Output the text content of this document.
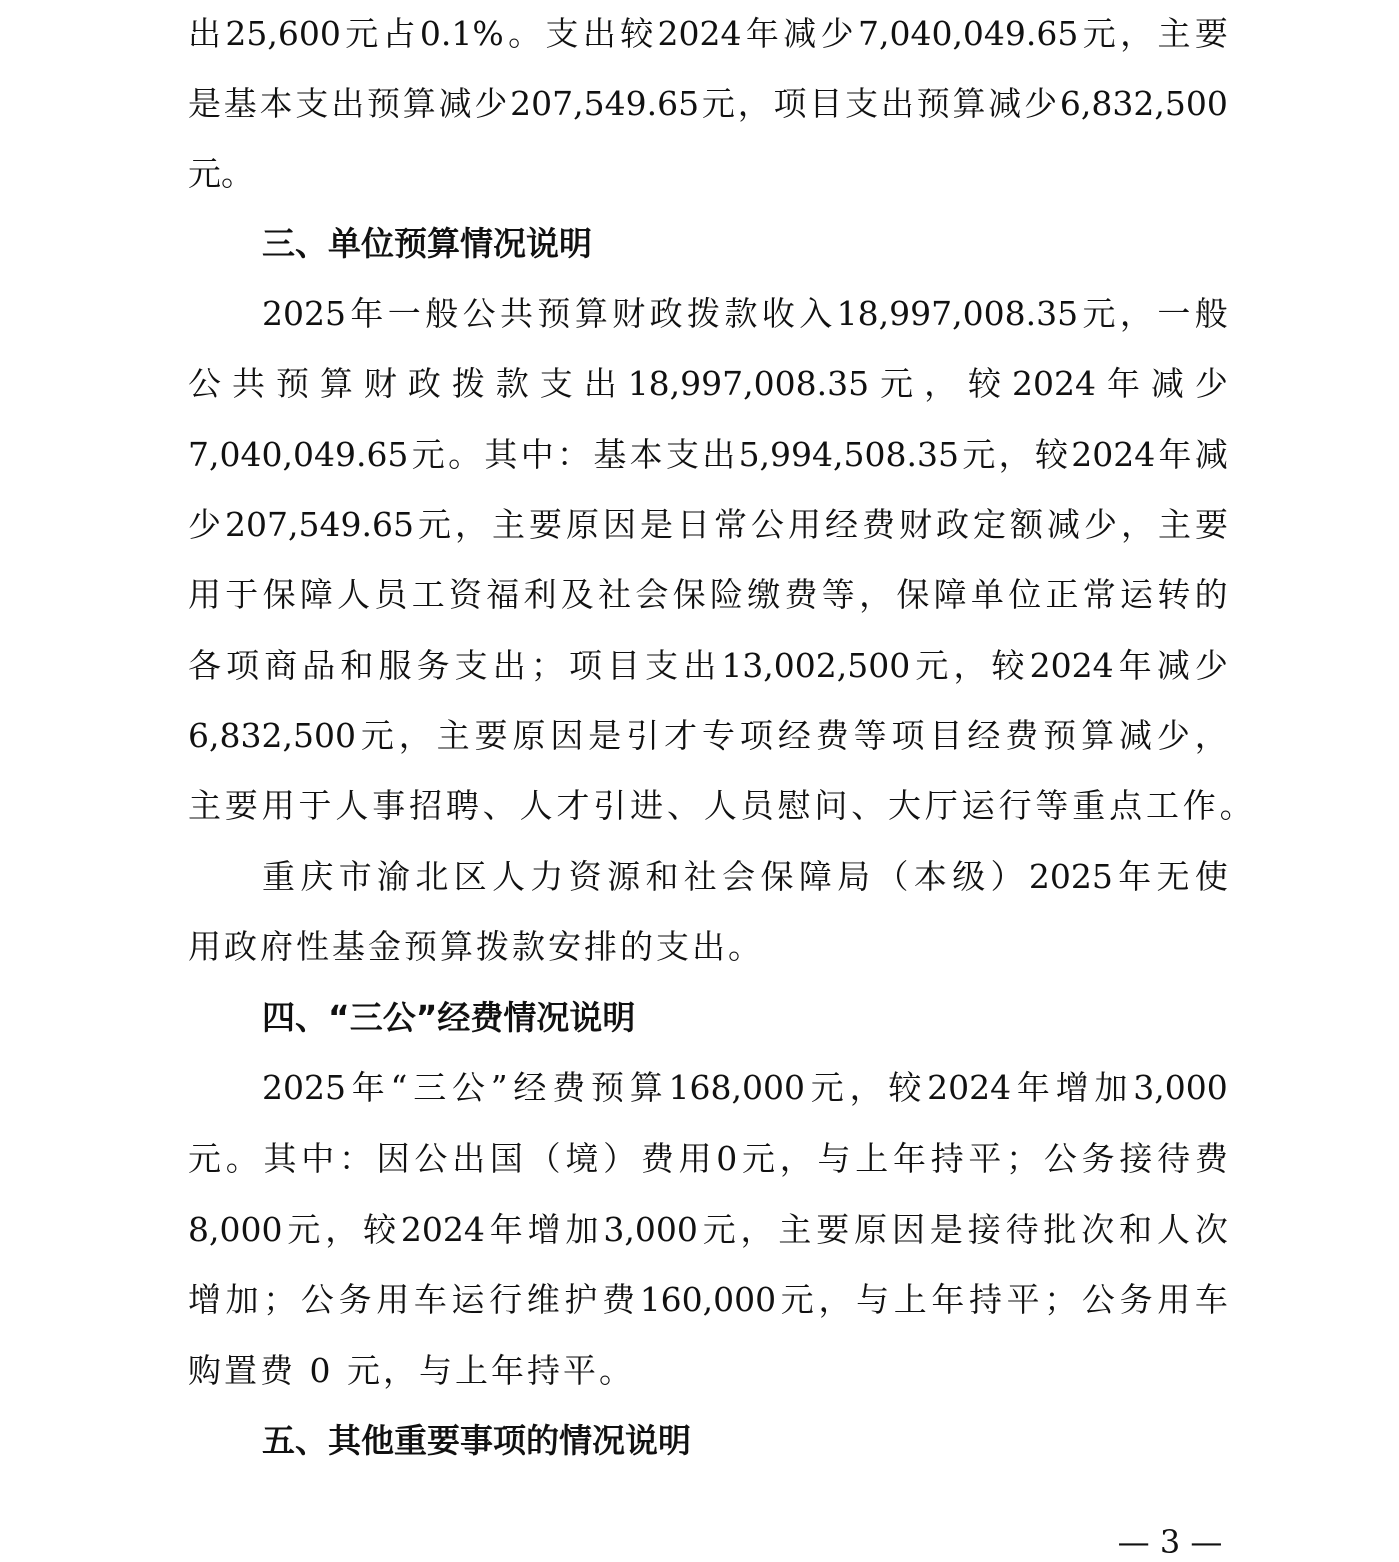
出 25,600 元 占 0.1% 。 支 出 较 2024 年 减 少 7,040,049.65 元 ， 主 要
是 基 本 支 出 预 算 减 少 207,549.65 元 ， 项 目 支 出 预 算 减 少 6,832,500
元。
三、单位预算情况说明
2025 年 一 般 公 共 预 算 财 政 拨 款 收 入 18,997,008.35 元 ， 一 般
公 共 预 算 财 政 拨 款 支 出 18,997,008.35 元 ， 较 2024 年 减 少
7,040,049.65 元 。 其 中 ： 基 本 支 出 5,994,508.35 元 ， 较 2024 年 减
少 207,549.65 元 ， 主 要 原 因 是 日 常 公 用 经 费 财 政 定 额 减 少 ， 主 要
用 于 保 障 人 员 工 资 福 利 及 社 会 保 险 缴 费 等 ， 保 障 单 位 正 常 运 转 的
各 项 商 品 和 服 务 支 出 ； 项 目 支 出 13,002,500 元 ， 较 2024 年 减 少
6,832,500 元 ， 主 要 原 因 是 引 才 专 项 经 费 等 项 目 经 费 预 算 减 少 ，
主 要 用 于 人 事 招 聘 、 人 才 引 进 、 人 员 慰 问 、 大 厅 运 行 等 重 点 工 作 。
重 庆 市 渝 北 区 人 力 资 源 和 社 会 保 障 局 （ 本 级 ） 2025 年 无 使
用政府性基金预算拨款安排的支出。
四、“三公”经费情况说明
2025 年 “ 三 公 ” 经 费 预 算 168,000 元 ， 较 2024 年 增 加 3,000
元 。 其 中 ： 因 公 出 国 （ 境 ） 费 用 0 元 ， 与 上 年 持 平 ； 公 务 接 待 费
8,000 元 ， 较 2024 年 增 加 3,000 元 ， 主 要 原 因 是 接 待 批 次 和 人 次
增 加 ； 公 务 用 车 运 行 维 护 费 160,000 元 ， 与 上 年 持 平 ； 公 务 用 车
购置费 0 元，与上年持平。
五、其他重要事项的情况说明
— 3 —
